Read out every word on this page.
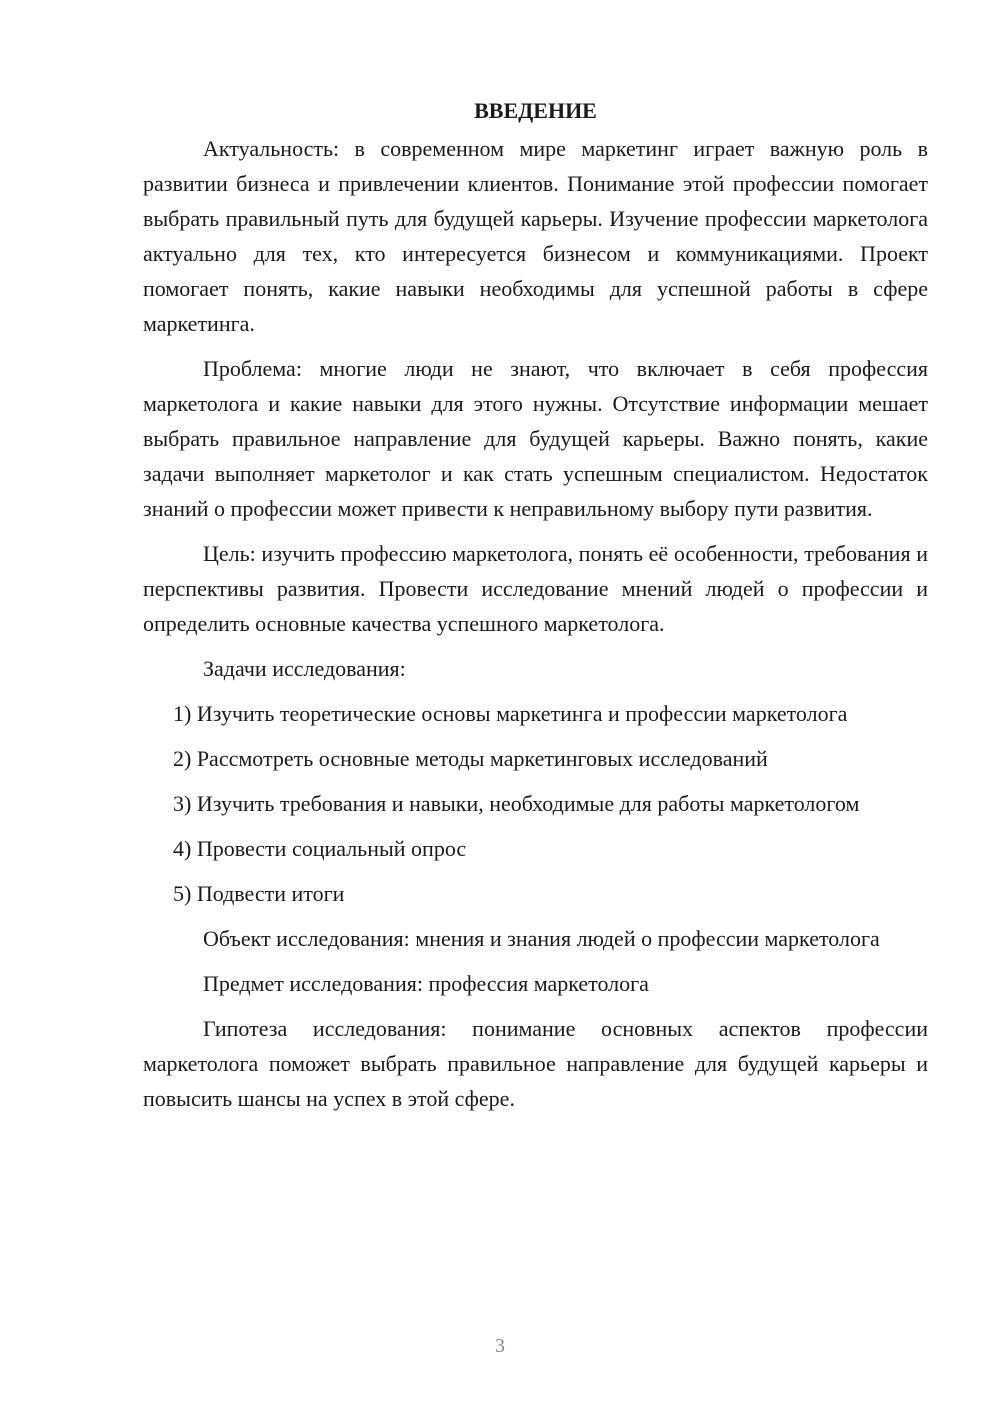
ВВЕДЕНИЕ

Актуальность: в современном мире маркетинг играет важную роль в развитии бизнеса и привлечении клиентов. Понимание этой профессии помогает выбрать правильный путь для будущей карьеры. Изучение профессии маркетолога актуально для тех, кто интересуется бизнесом и коммуникациями. Проект помогает понять, какие навыки необходимы для успешной работы в сфере маркетинга.

Проблема: многие люди не знают, что включает в себя профессия маркетолога и какие навыки для этого нужны. Отсутствие информации мешает выбрать правильное направление для будущей карьеры. Важно понять, какие задачи выполняет маркетолог и как стать успешным специалистом. Недостаток знаний о профессии может привести к неправильному выбору пути развития.

Цель: изучить профессию маркетолога, понять её особенности, требования и перспективы развития. Провести исследование мнений людей о профессии и определить основные качества успешного маркетолога.

Задачи исследования:

1) Изучить теоретические основы маркетинга и профессии маркетолога

2) Рассмотреть основные методы маркетинговых исследований

3) Изучить требования и навыки, необходимые для работы маркетологом

4) Провести социальный опрос

5) Подвести итоги

Объект исследования: мнения и знания людей о профессии маркетолога

Предмет исследования: профессия маркетолога

Гипотеза исследования: понимание основных аспектов профессии маркетолога поможет выбрать правильное направление для будущей карьеры и повысить шансы на успех в этой сфере.

3
